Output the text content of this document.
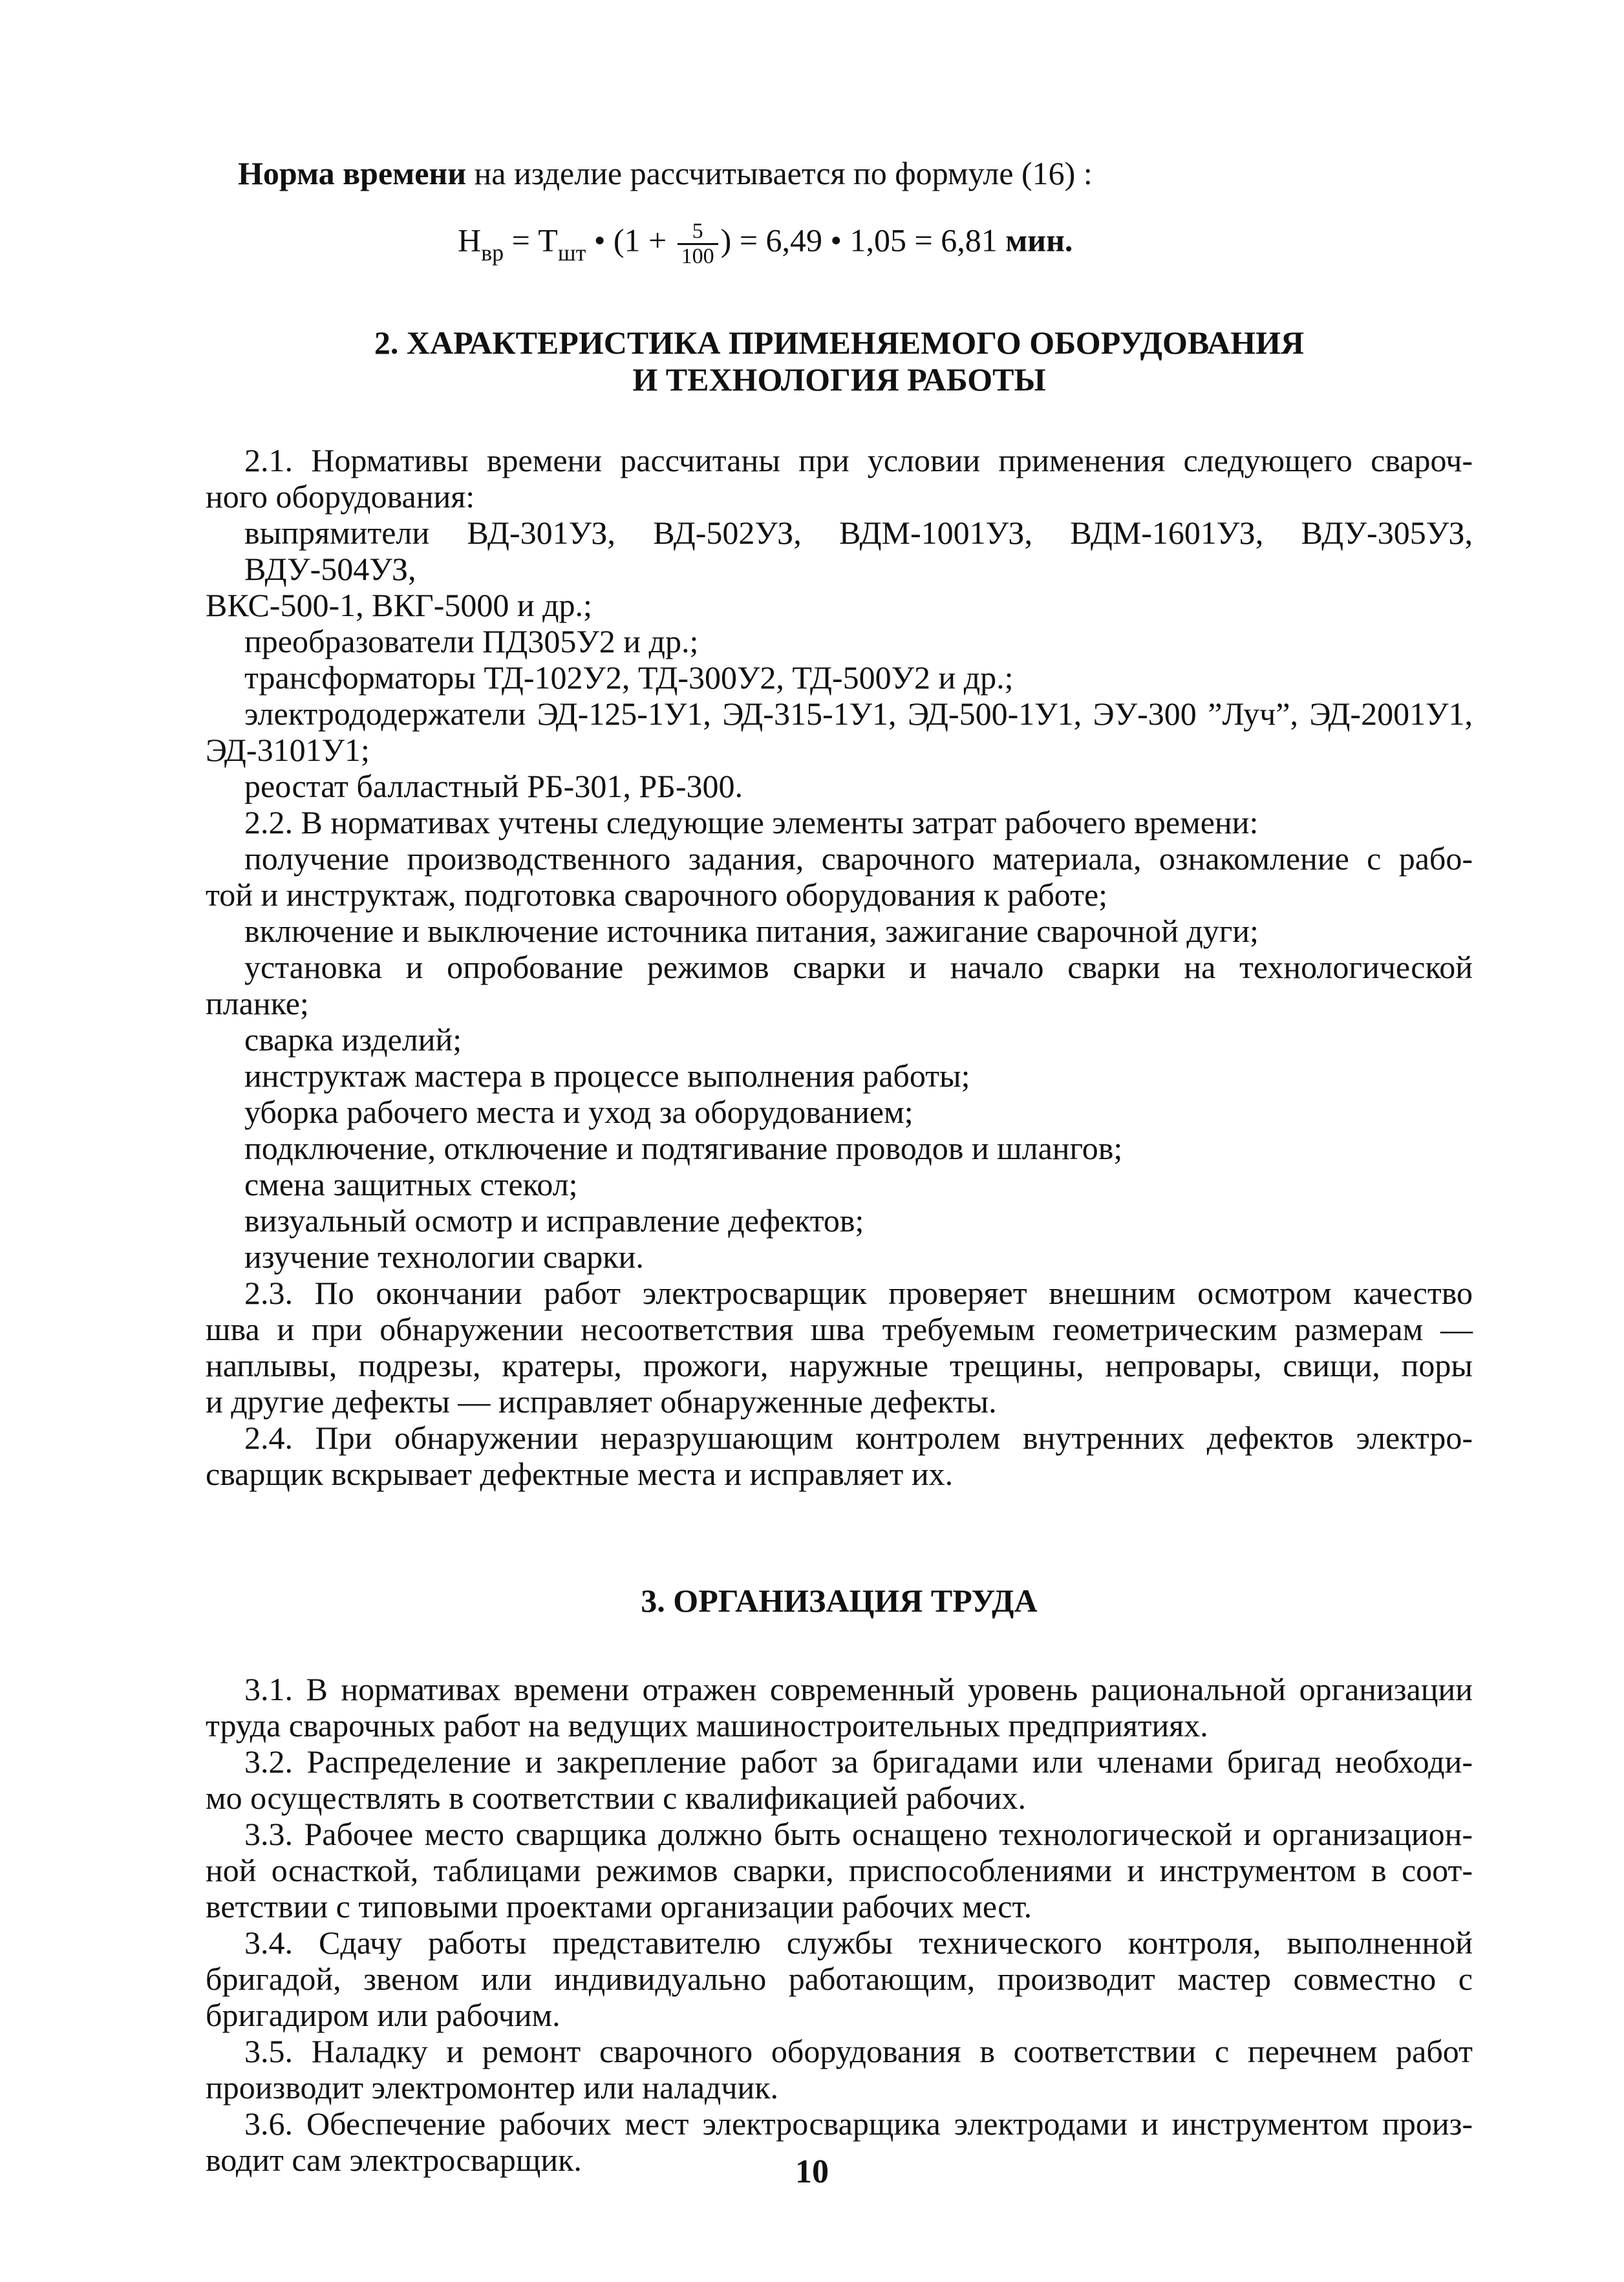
Норма времени на изделие рассчитывается по формуле (16) :

$Н_{вр} = Т_{шт}$ • ($1 + \frac{5}{100}$ ) = 6,49 • 1,05 = 6,81 мин.
2. ХАРАКТЕРИСТИКА ПРИМЕНЯЕМОГО ОБОРУДОВАНИЯ
И ТЕХНОЛОГИЯ РАБОТЫ

2.1. Нормативы времени рассчитаны при условии применения следующего свароч-

ного оборудования:

выпрямители ВД-301УЗ, ВД-502УЗ, ВДМ-1001УЗ, ВДМ-1601УЗ, ВДУ-305УЗ, ВДУ-504УЗ,

ВКС-500-1, ВКГ-5000 и др.;

преобразователи ПД305У2 и др.;

трансформаторы ТД-102У2, ТД-300У2, ТД-500У2 и др.;

электрододержатели ЭД-125-1У1, ЭД-315-1У1, ЭД-500-1У1, ЭУ-300 ”Луч”, ЭД-2001У1,

ЭД-3101У1;

реостат балластный РБ-301, РБ-300.

2.2. В нормативах учтены следующие элементы затрат рабочего времени:

получение производственного задания, сварочного материала, ознакомление с рабо-

той и инструктаж, подготовка сварочного оборудования к работе;

включение и выключение источника питания, зажигание сварочной дуги;

установка и опробование режимов сварки и начало сварки на технологической

планке;

сварка изделий;

инструктаж мастера в процессе выполнения работы;

уборка рабочего места и уход за оборудованием;

подключение, отключение и подтягивание проводов и шлангов;

смена защитных стекол;

визуальный осмотр и исправление дефектов;

изучение технологии сварки.

2.3. По окончании работ электросварщик проверяет внешним осмотром качество

шва и при обнаружении несоответствия шва требуемым геометрическим размерам —

наплывы, подрезы, кратеры, прожоги, наружные трещины, непровары, свищи, поры

и другие дефекты — исправляет обнаруженные дефекты.

2.4. При обнаружении неразрушающим контролем внутренних дефектов электро-

сварщик вскрывает дефектные места и исправляет их.

3. ОРГАНИЗАЦИЯ ТРУДА

3.1. В нормативах времени отражен современный уровень рациональной организации

труда сварочных работ на ведущих машиностроительных предприятиях.

3.2. Распределение и закрепление работ за бригадами или членами бригад необходи-

мо осуществлять в соответствии с квалификацией рабочих.

3.3. Рабочее место сварщика должно быть оснащено технологической и организацион-

ной оснасткой, таблицами режимов сварки, приспособлениями и инструментом в соот-

ветствии с типовыми проектами организации рабочих мест.

3.4. Сдачу работы представителю службы технического контроля, выполненной

бригадой, звеном или индивидуально работающим, производит мастер совместно с

бригадиром или рабочим.

3.5. Наладку и ремонт сварочного оборудования в соответствии с перечнем работ

производит электромонтер или наладчик.

3.6. Обеспечение рабочих мест электросварщика электродами и инструментом произ-

водит сам электросварщик.	10
